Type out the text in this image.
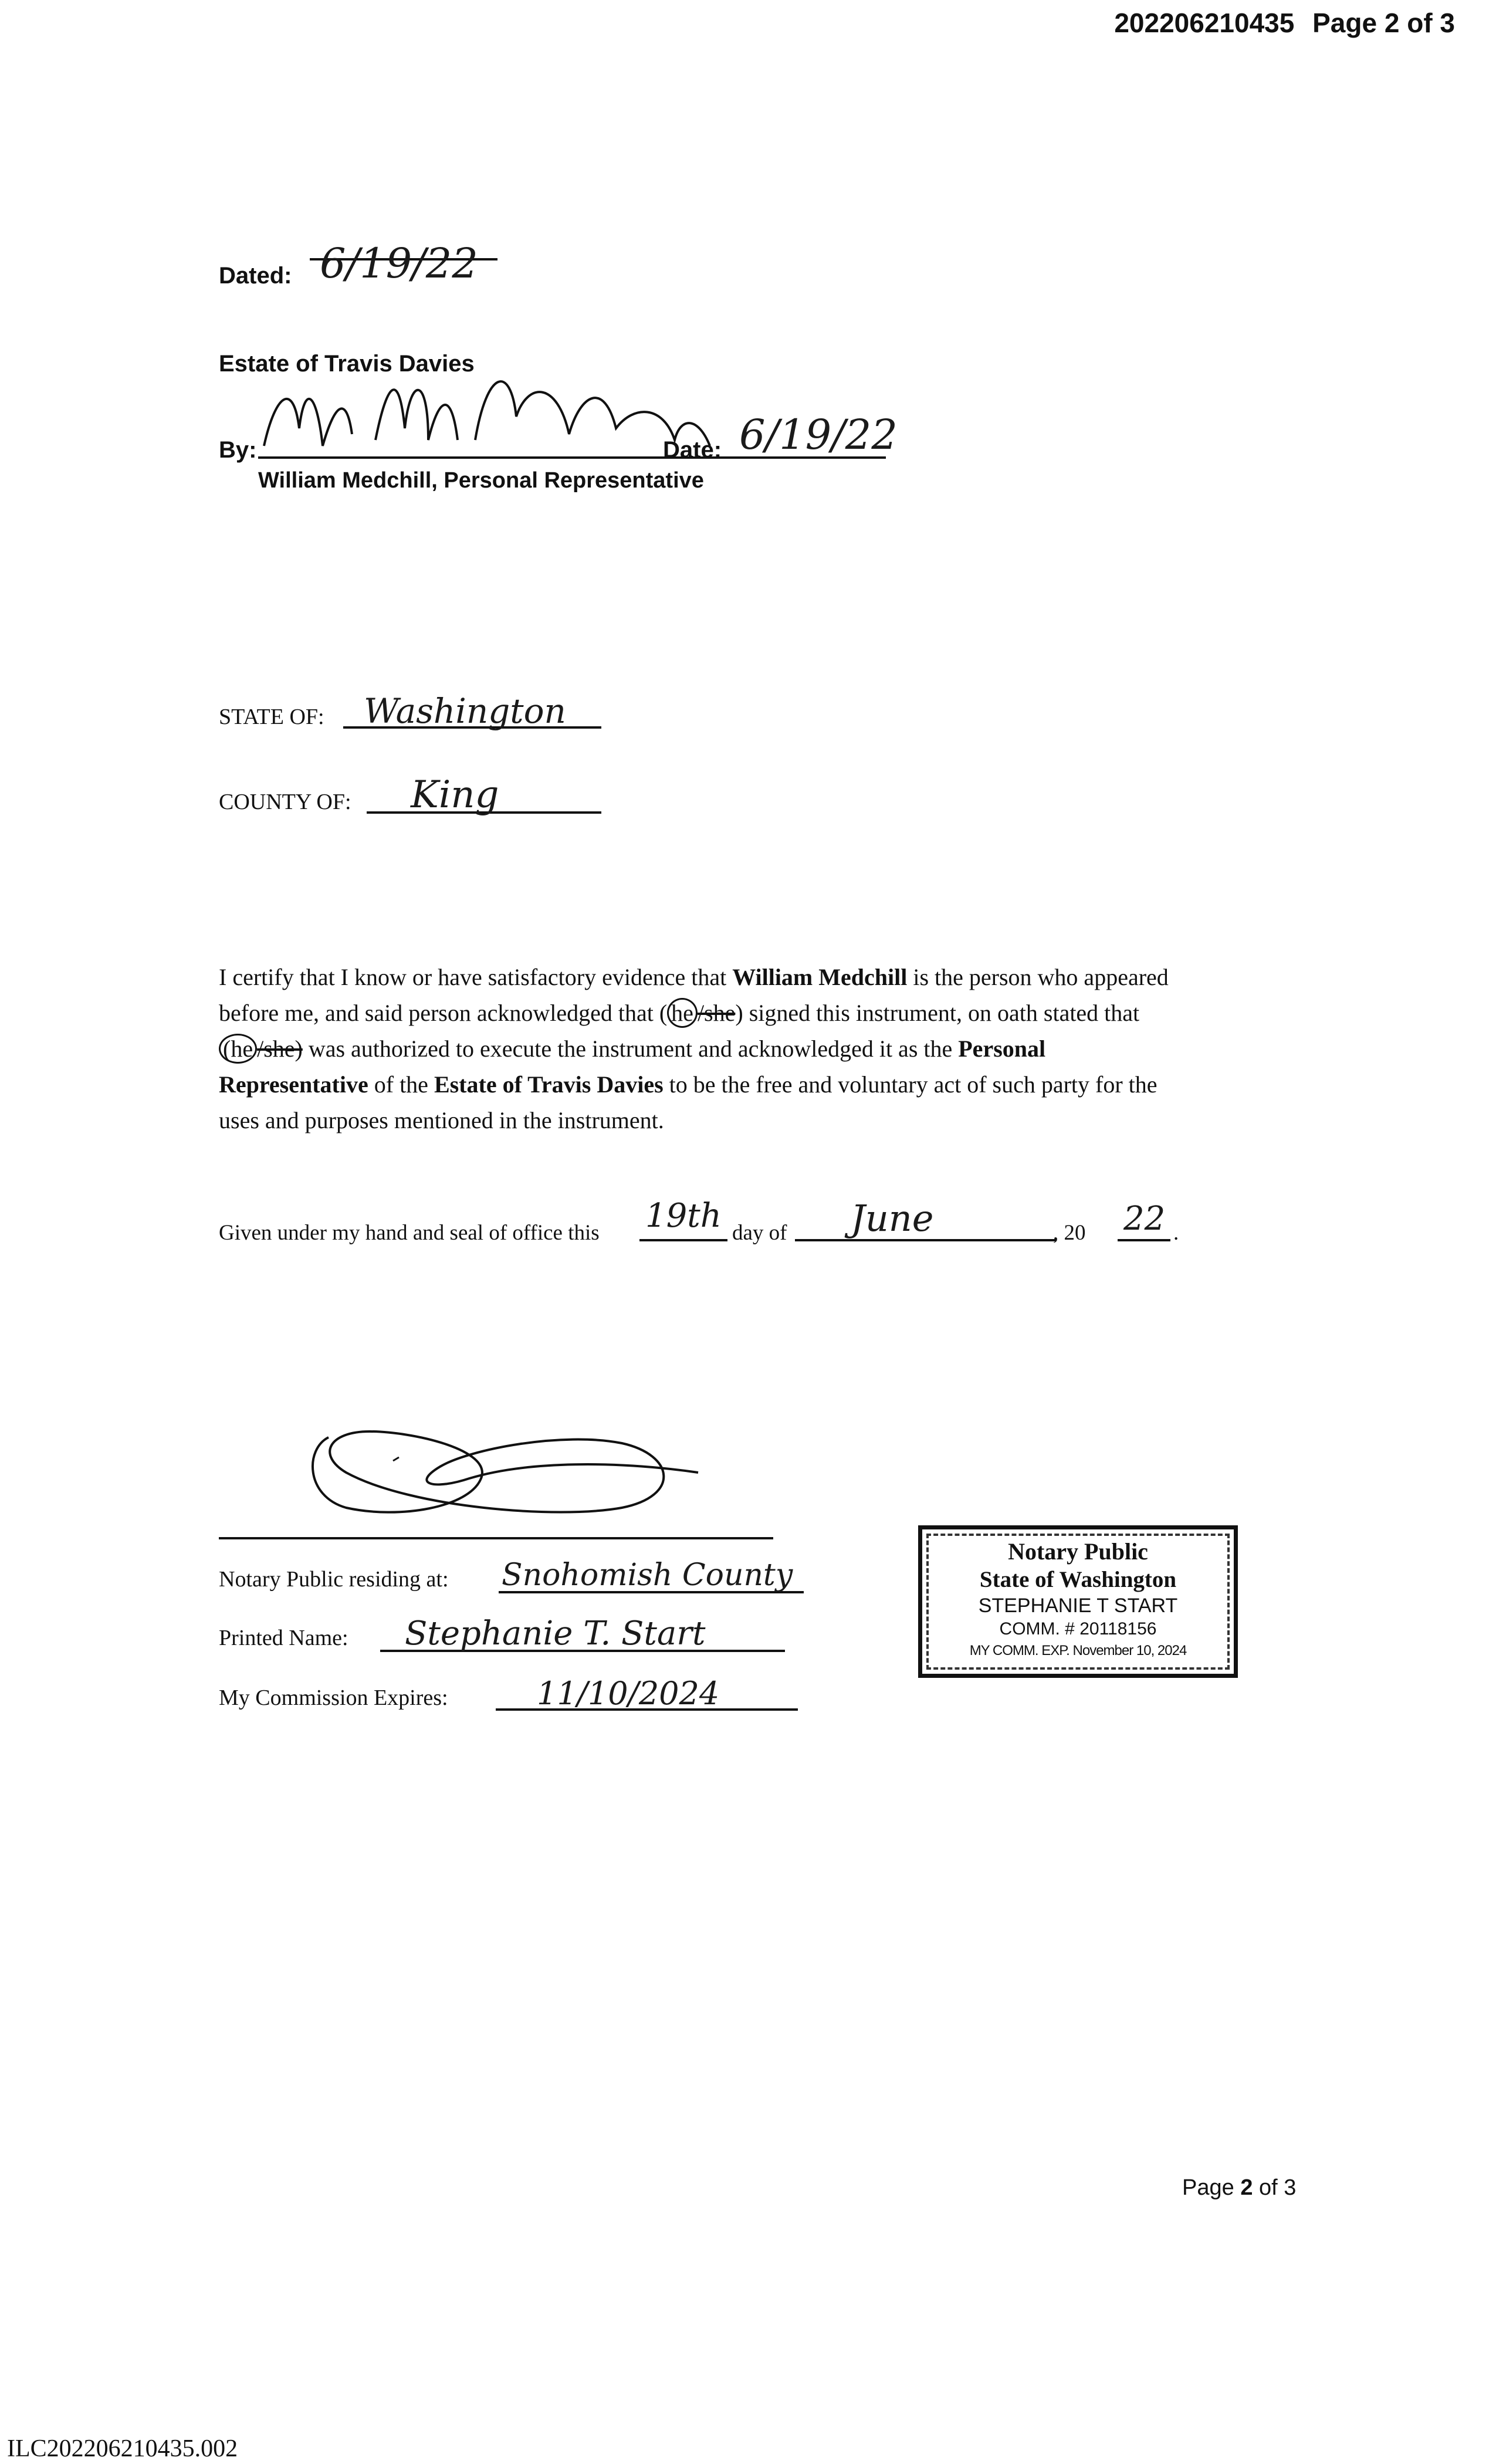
202206210435 Page 2 of 3
Dated: 6/19/22
Estate of Travis Davies
By:	Date: 6/19/22
William Medchill, Personal Representative
STATE OF: Washington
COUNTY OF: King
I certify that I know or have satisfactory evidence that William Medchill is the person who appeared
before me, and said person acknowledged that ( he /she) signed this instrument, on oath stated that
(he /she) was authorized to execute the instrument and acknowledged it as the Personal
Representative of the Estate of Travis Davies to be the free and voluntary act of such party for the
uses and purposes mentioned in the instrument.
Given under my hand and seal of office this 19th day of June	, 20 22 .
Notary Public residing at: Snohomish County
Printed Name: Stephanie T. Start
My Commission Expires:	11/10/2024
Notary Public
State of Washington
STEPHANIE T START
COMM. # 20118156
MY COMM. EXP. November 10, 2024
Page 2 of 3
ILC202206210435.002
